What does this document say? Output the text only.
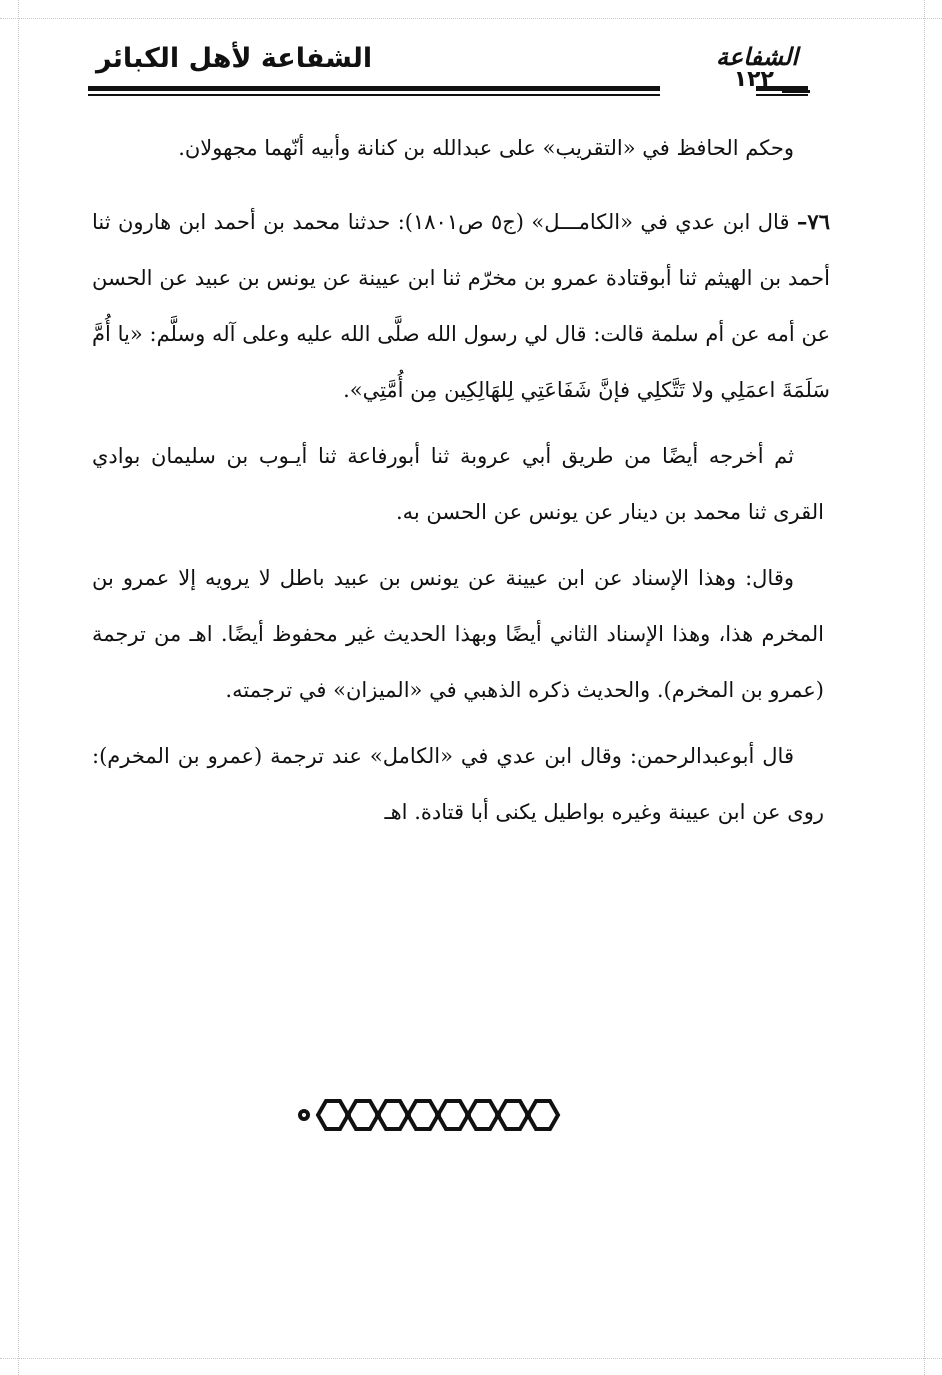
الشفاعة لأهل الكبائر	الشفاعة
١٢٢

وحكم الحافظ في «التقريب» على عبدالله بن كنانة وأبيه أنّهما مجهولان.

٧٦– قال ابن عدي في «الكامـــل» (ج٥ ص١٨٠١): حدثنا محمد بن أحمد ابن هارون ثنا أحمد بن الهيثم ثنا أبوقتادة عمرو بن مخرّم ثنا ابن عيينة عن يونس بن عبيد عن الحسن عن أمه عن أم سلمة قالت: قال لي رسول الله صلَّى الله عليه وعلى آله وسلَّم: «يا أُمَّ سَلَمَةَ اعمَلِي ولا تَتَّكلِي فإنَّ شَفَاعَتِي لِلهَالِكِين مِن أُمَّتِي».

ثم أخرجه أيضًا من طريق أبي عروبة ثنا أبورفاعة ثنا أيـوب بن سليمان بوادي القرى ثنا محمد بن دينار عن يونس عن الحسن به.

وقال: وهذا الإسناد عن ابن عيينة عن يونس بن عبيد باطل لا يرويه إلا عمرو بن المخرم هذا، وهذا الإسناد الثاني أيضًا وبهذا الحديث غير محفوظ أيضًا. اهـ من ترجمة (عمرو بن المخرم). والحديث ذكره الذهبي في «الميزان» في ترجمته.

قال أبوعبدالرحمن: وقال ابن عدي في «الكامل» عند ترجمة (عمرو بن المخرم): روى عن ابن عيينة وغيره بواطيل يكنى أبا قتادة. اهـ
